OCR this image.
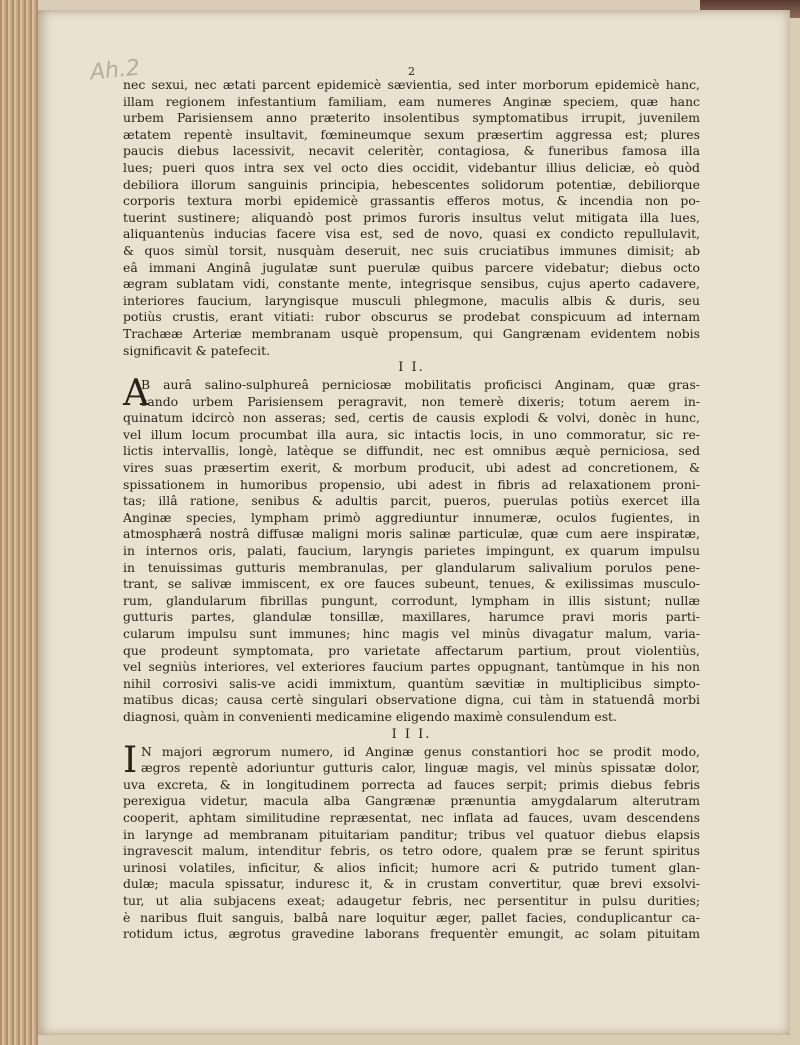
Ah.2	2
nec sexui, nec ætati parcent epidemicè sævientia, sed inter morborum epidemicè hanc,
illam regionem infestantium familiam, eam numeres Anginæ speciem, quæ hanc
urbem Parisiensem anno præterito insolentibus symptomatibus irrupit, juvenilem
ætatem repentè insultavit, fœmineumque sexum præsertim aggressa est; plures
paucis diebus lacessivit, necavit celeritèr, contagiosa, & funeribus famosa illa
lues; pueri quos intra sex vel octo dies occidit, videbantur illius deliciæ, eò quòd
debiliora illorum sanguinis principia, hebescentes solidorum potentiæ, debiliorque
corporis textura morbi epidemicè grassantis efferos motus, & incendia non po-
tuerint sustinere; aliquandò post primos furoris insultus velut mitigata illa lues,
aliquantenùs inducias facere visa est, sed de novo, quasi ex condicto repullulavit,
& quos simùl torsit, nusquàm deseruit, nec suis cruciatibus immunes dimisit; ab
eâ immani Anginâ jugulatæ sunt puerulæ quibus parcere videbatur; diebus octo
ægram sublatam vidi, constante mente, integrisque sensibus, cujus aperto cadavere,
interiores faucium, laryngisque musculi phlegmone, maculis albis & duris, seu
potiùs crustis, erant vitiati: rubor obscurus se prodebat conspicuum ad internam
Trachææ Arteriæ membranam usquè propensum, qui Gangrænam evidentem nobis
significavit & patefecit.
I I.
A
B aurâ salino-sulphureâ perniciosæ mobilitatis proficisci Anginam, quæ gras-
sando urbem Parisiensem peragravit, non temerè dixeris; totum aerem in-
quinatum idcircò non asseras; sed, certis de causis explodi & volvi, donèc in hunc,
vel illum locum procumbat illa aura, sic intactis locis, in uno commoratur, sic re-
lictis intervallis, longè, latèque se diffundit, nec est omnibus æquè perniciosa, sed
vires suas præsertim exerit, & morbum producit, ubi adest ad concretionem, &
spissationem in humoribus propensio, ubi adest in fibris ad relaxationem proni-
tas; illâ ratione, senibus & adultis parcit, pueros, puerulas potiùs exercet illa
Anginæ species, lympham primò aggrediuntur innumeræ, oculos fugientes, in
atmosphærâ nostrâ diffusæ maligni moris salinæ particulæ, quæ cum aere inspiratæ,
in internos oris, palati, faucium, laryngis parietes impingunt, ex quarum impulsu
in tenuissimas gutturis membranulas, per glandularum salivalium porulos pene-
trant, se salivæ immiscent, ex ore fauces subeunt, tenues, & exilissimas musculo-
rum, glandularum fibrillas pungunt, corrodunt, lympham in illis sistunt; nullæ
gutturis partes, glandulæ tonsillæ, maxillares, harumce pravi moris parti-
cularum impulsu sunt immunes; hinc magis vel minùs divagatur malum, varia-
que prodeunt symptomata, pro varietate affectarum partium, prout violentiùs,
vel segniùs interiores, vel exteriores faucium partes oppugnant, tantùmque in his non
nihil corrosivi salis-ve acidi immixtum, quantùm sævitiæ in multiplicibus simpto-
matibus dicas; causa certè singulari observatione digna, cui tàm in statuendâ morbi
diagnosi, quàm in convenienti medicamine eligendo maximè consulendum est.
I I I.
I N majori ægrorum numero, id Anginæ genus constantiori hoc se prodit modo,
ægros repentè adoriuntur gutturis calor, linguæ magis, vel minùs spissatæ dolor,
uva excreta, & in longitudinem porrecta ad fauces serpit; primis diebus febris
perexigua videtur, macula alba Gangrænæ prænuntia amygdalarum alterutram
cooperit, aphtam similitudine repræsentat, nec inflata ad fauces, uvam descendens
in larynge ad membranam pituitariam panditur; tribus vel quatuor diebus elapsis
ingravescit malum, intenditur febris, os tetro odore, qualem præ se ferunt spiritus
urinosi volatiles, inficitur, & alios inficit; humore acri & putrido tument glan-
dulæ; macula spissatur, induresc it, & in crustam convertitur, quæ brevi exsolvi-
tur, ut alia subjacens exeat; adaugetur febris, nec persentitur in pulsu durities;
è naribus fluit sanguis, balbâ nare loquitur æger, pallet facies, conduplicantur ca-
rotidum ictus, ægrotus gravedine laborans frequentèr emungit, ac solam pituitam
